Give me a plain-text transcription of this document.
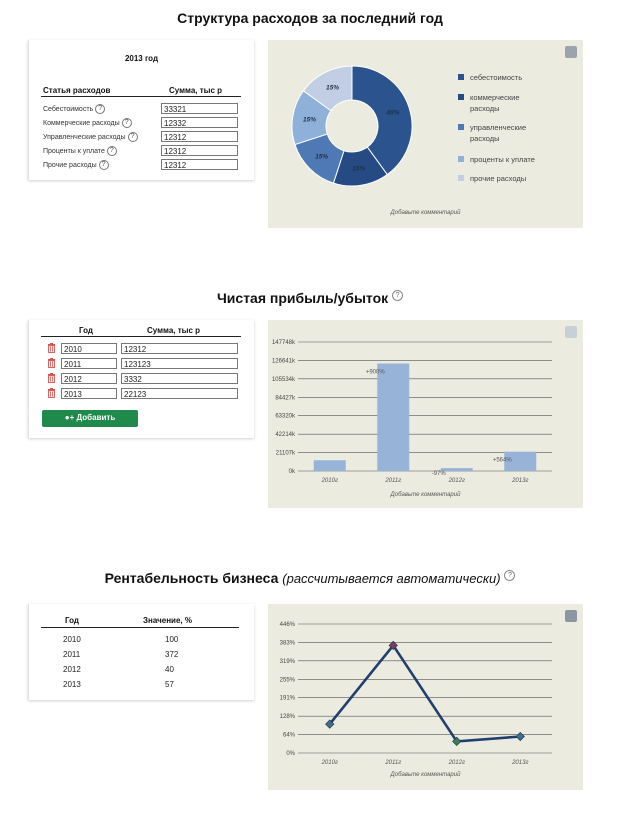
Структура расходов за последний год
2013 год
Статья расходов	Сумма, тыс р
Себестоимость ?	33321
Коммерческие расходы ?	12332
Управленческие расходы ?	12312
Проценты к уплате ?	12312
Прочие расходы ?	12312
40%
15%
15%
15%
15%
себестоимость
коммерческие расходы
управленческие расходы
проценты к уплате
прочие расходы
Добавьте комментарий
Чистая прибыль/убыток ?
Год	Сумма, тыс р
2010	12312
2011	123123
2012	3332
2013	22123
●+ Добавить
0k
21107k
42214k
63320k
84427k
105534k
126641k
147748k
2010г	2011г
+900%
2012г
-97%
2013г
+564%
Добавьте комментарий
Рентабельность бизнеса (рассчитывается автоматически) ?
Год	Значение, %
2010	100
2011	372
2012	40
2013	57
0%
64%
128%
191%
255%
319%
383%
446%
2010г	2011г	2012г	2013г
Добавьте комментарий
